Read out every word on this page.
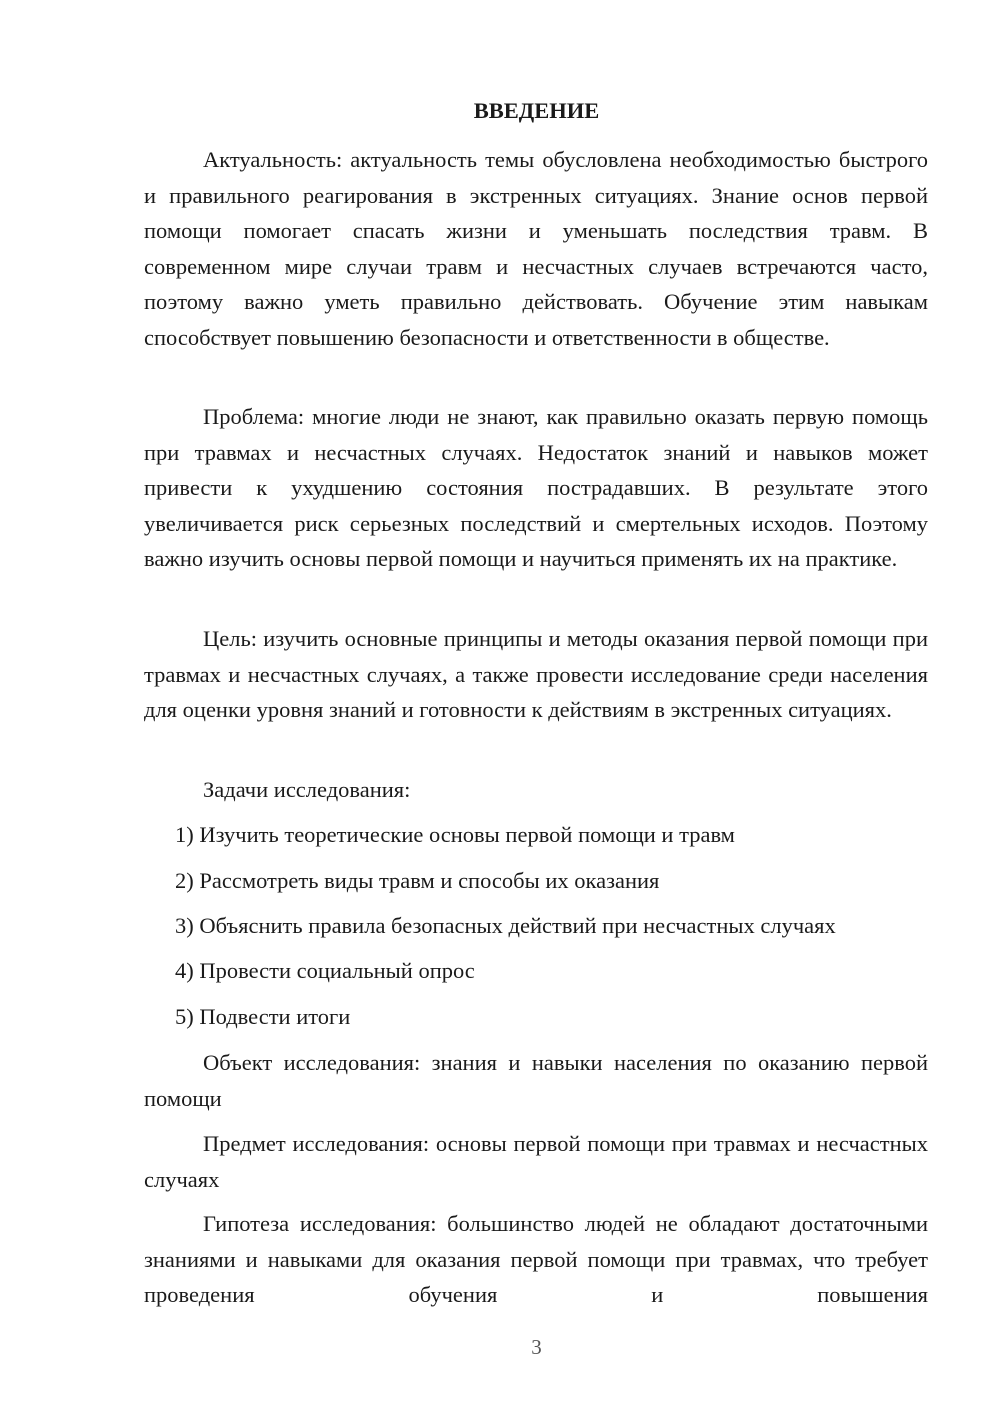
ВВЕДЕНИЕ

Актуальность: актуальность темы обусловлена необходимостью быстрого и правильного реагирования в экстренных ситуациях. Знание основ первой помощи помогает спасать жизни и уменьшать последствия травм. В современном мире случаи травм и несчастных случаев встречаются часто, поэтому важно уметь правильно действовать. Обучение этим навыкам способствует повышению безопасности и ответственности в обществе.

Проблема: многие люди не знают, как правильно оказать первую помощь при травмах и несчастных случаях. Недостаток знаний и навыков может привести к ухудшению состояния пострадавших. В результате этого увеличивается риск серьезных последствий и смертельных исходов. Поэтому важно изучить основы первой помощи и научиться применять их на практике.

Цель: изучить основные принципы и методы оказания первой помощи при травмах и несчастных случаях, а также провести исследование среди населения для оценки уровня знаний и готовности к действиям в экстренных ситуациях.

Задачи исследования:

1) Изучить теоретические основы первой помощи и травм

2) Рассмотреть виды травм и способы их оказания

3) Объяснить правила безопасных действий при несчастных случаях

4) Провести социальный опрос

5) Подвести итоги

Объект исследования: знания и навыки населения по оказанию первой помощи

Предмет исследования: основы первой помощи при травмах и несчастных случаях

Гипотеза исследования: большинство людей не обладают достаточными знаниями и навыками для оказания первой помощи при травмах, что требует проведения обучения и повышения

3
